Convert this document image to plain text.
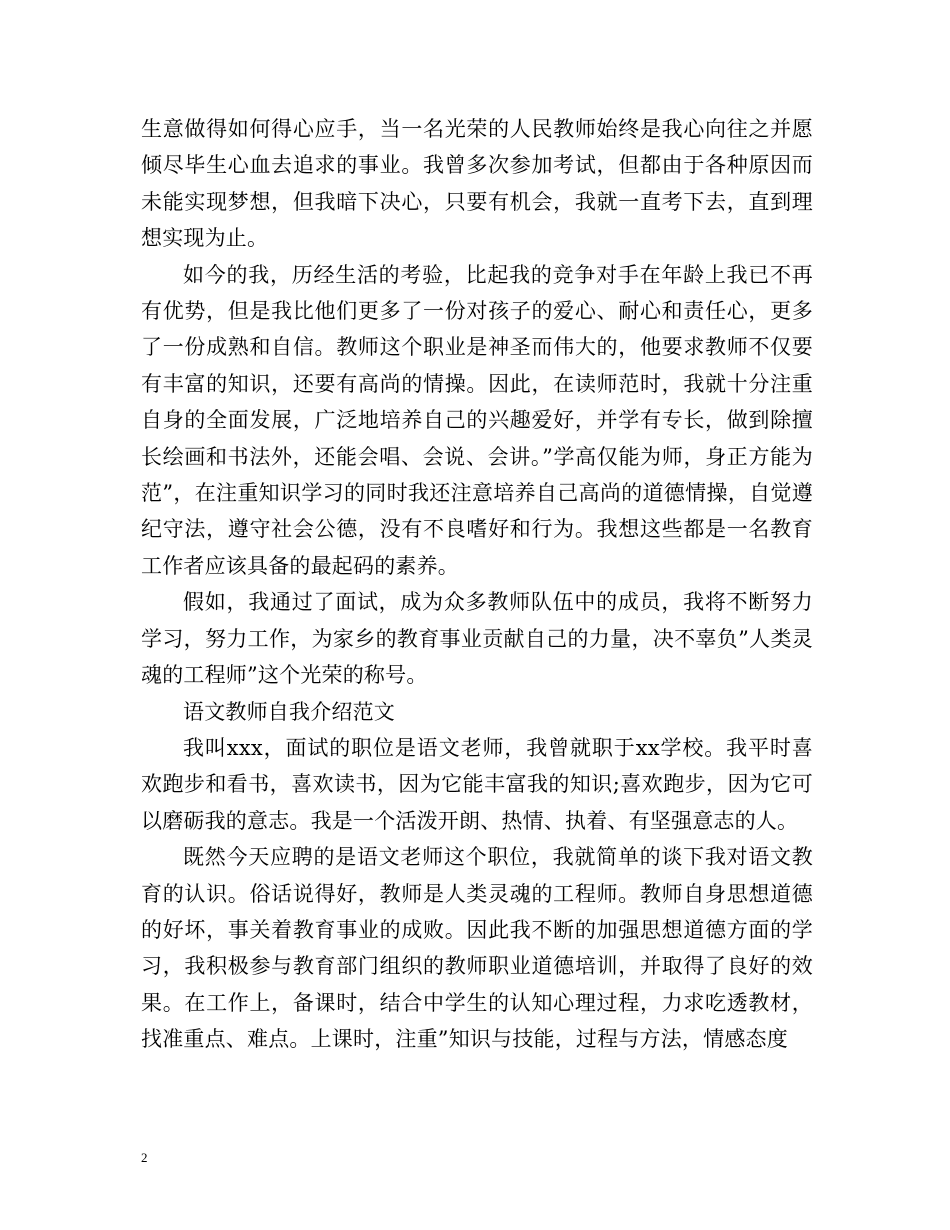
生意做得如何得心应手，当一名光荣的人民教师始终是我心向往之并愿倾尽毕生心血去追求的事业。我曾多次参加考试，但都由于各种原因而未能实现梦想，但我暗下决心，只要有机会，我就一直考下去，直到理想实现为止。

如今的我，历经生活的考验，比起我的竞争对手在年龄上我已不再有优势，但是我比他们更多了一份对孩子的爱心、耐心和责任心，更多了一份成熟和自信。教师这个职业是神圣而伟大的，他要求教师不仅要有丰富的知识，还要有高尚的情操。因此，在读师范时，我就十分注重自身的全面发展，广泛地培养自己的兴趣爱好，并学有专长，做到除擅长绘画和书法外，还能会唱、会说、会讲。”学高仅能为师，身正方能为范”，在注重知识学习的同时我还注意培养自己高尚的道德情操，自觉遵纪守法，遵守社会公德，没有不良嗜好和行为。我想这些都是一名教育工作者应该具备的最起码的素养。

假如，我通过了面试，成为众多教师队伍中的成员，我将不断努力学习，努力工作，为家乡的教育事业贡献自己的力量，决不辜负”人类灵魂的工程师”这个光荣的称号。

语文教师自我介绍范文

我叫xxx，面试的职位是语文老师，我曾就职于xx学校。我平时喜欢跑步和看书，喜欢读书，因为它能丰富我的知识;喜欢跑步，因为它可以磨砺我的意志。我是一个活泼开朗、热情、执着、有坚强意志的人。

既然今天应聘的是语文老师这个职位，我就简单的谈下我对语文教育的认识。俗话说得好，教师是人类灵魂的工程师。教师自身思想道德的好坏，事关着教育事业的成败。因此我不断的加强思想道德方面的学习，我积极参与教育部门组织的教师职业道德培训，并取得了良好的效果。在工作上，备课时，结合中学生的认知心理过程，力求吃透教材，找准重点、难点。上课时，注重”知识与技能，过程与方法，情感态度

2
